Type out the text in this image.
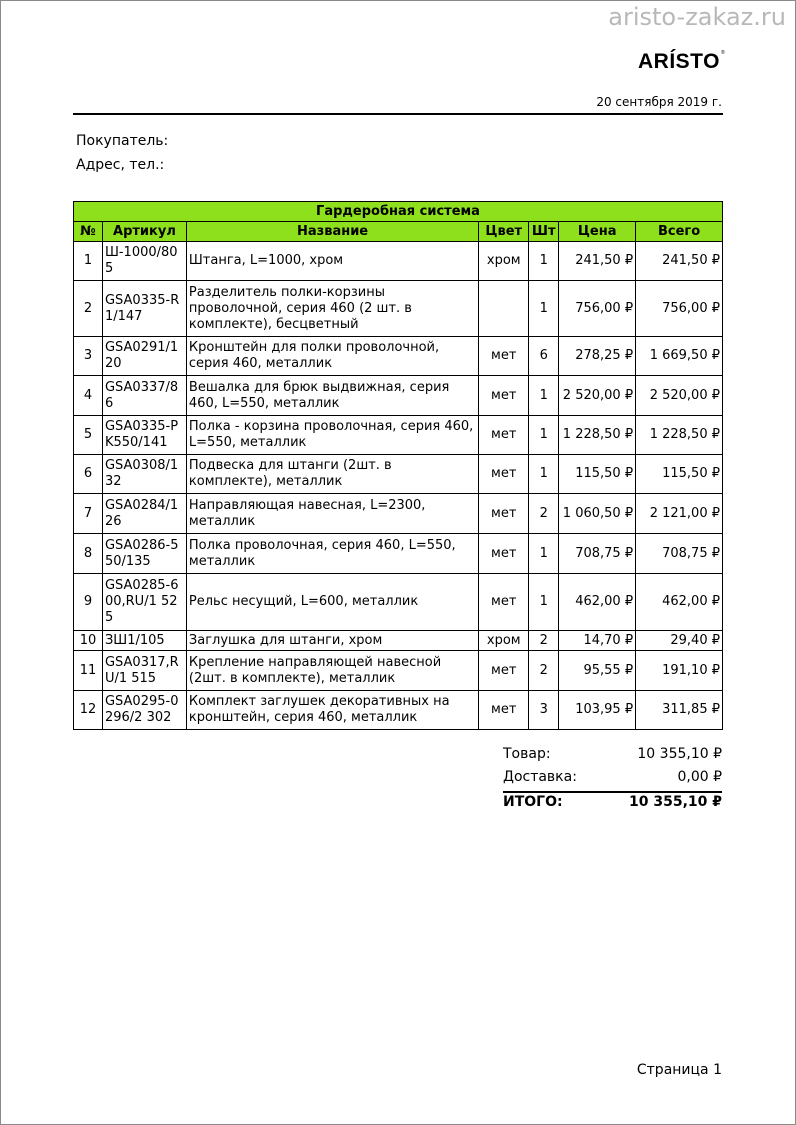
aristo-zakaz.ru
ARÍSTO®
20 сентября 2019 г.
Покупатель:
Адрес, тел.:
Гардеробная система						
№	Артикул	Название	Цвет	Шт	Цена	Всего
1	Ш-1000/805	Штанга, L=1000, хром	хром	1	241,50 ₽	241,50 ₽
2	GSA0335-R1/147	Разделитель полки-корзины проволочной, серия 460 (2 шт. в комплекте), бесцветный		1	756,00 ₽	756,00 ₽
3	GSA0291/120	Кронштейн для полки проволочной, серия 460, металлик	мет	6	278,25 ₽	1 669,50 ₽
4	GSA0337/86	Вешалка для брюк выдвижная, серия 460, L=550, металлик	мет	1	2 520,00 ₽	2 520,00 ₽
5	GSA0335-PK550/141	Полка - корзина проволочная, серия 460, L=550, металлик	мет	1	1 228,50 ₽	1 228,50 ₽
6	GSA0308/132	Подвеска для штанги (2шт. в комплекте), металлик	мет	1	115,50 ₽	115,50 ₽
7	GSA0284/126	Направляющая навесная, L=2300, металлик	мет	2	1 060,50 ₽	2 121,00 ₽
8	GSA0286-550/135	Полка проволочная, серия 460, L=550, металлик	мет	1	708,75 ₽	708,75 ₽
9	GSA0285-600,RU/1 525	Рельс несущий, L=600, металлик	мет	1	462,00 ₽	462,00 ₽
10	ЗШ1/105	Заглушка для штанги, хром	хром	2	14,70 ₽	29,40 ₽
11	GSA0317,RU/1 515	Крепление направляющей навесной (2шт. в комплекте), металлик	мет	2	95,55 ₽	191,10 ₽
12	GSA0295-0296/2 302	Комплект заглушек декоративных на кронштейн, серия 460, металлик	мет	3	103,95 ₽	311,85 ₽
Товар:	10 355,10 ₽
Доставка:	0,00 ₽
ИТОГО:	10 355,10 ₽
Страница 1
